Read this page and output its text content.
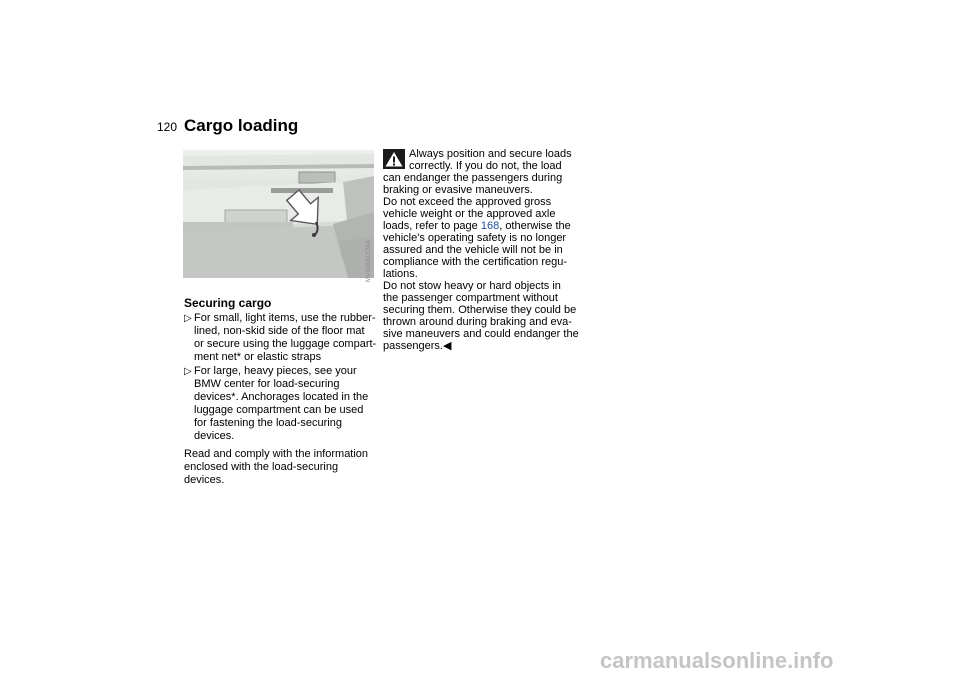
120 Cargo loading
MV00681CMA
Securing cargo
▷ For small, light items, use the rubber-
lined, non-skid side of the floor mat
or secure using the luggage compart-
ment net* or elastic straps
▷ For large, heavy pieces, see your
BMW center for load-securing
devices*. Anchorages located in the
luggage compartment can be used
for fastening the load-securing
devices.

Read and comply with the information
enclosed with the load-securing
devices.

Always position and secure loads
correctly. If you do not, the load
can endanger the passengers during
braking or evasive maneuvers.
Do not exceed the approved gross
vehicle weight or the approved axle
loads, refer to page 168, otherwise the
vehicle's operating safety is no longer
assured and the vehicle will not be in
compliance with the certification regu-
lations.
Do not stow heavy or hard objects in
the passenger compartment without
securing them. Otherwise they could be
thrown around during braking and eva-
sive maneuvers and could endanger the
passengers.◀
carmanualsonline.info
